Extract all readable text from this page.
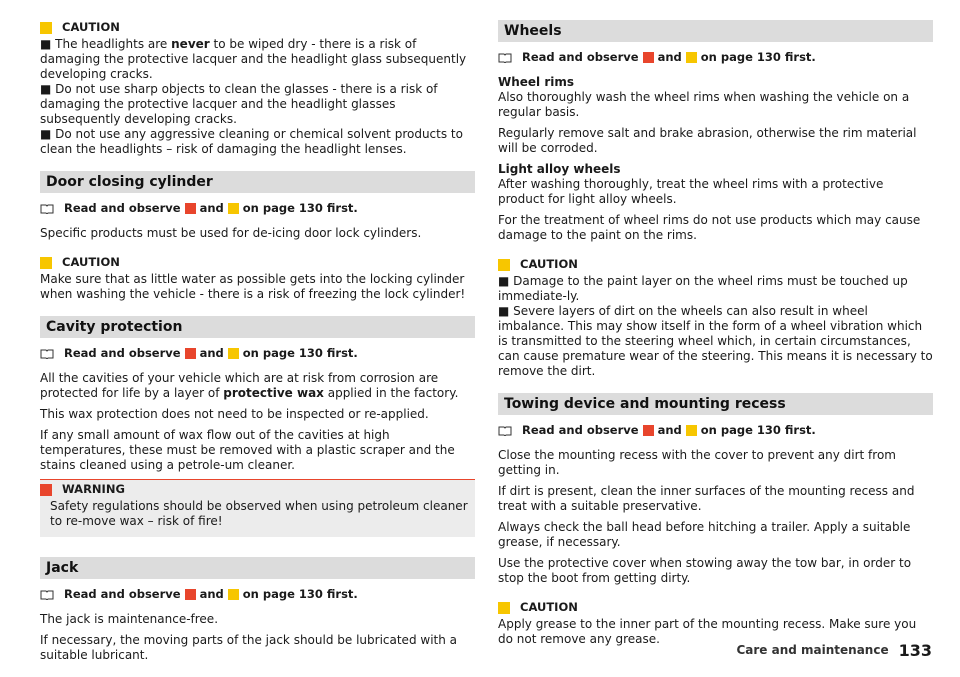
CAUTION

■ The headlights are never to be wiped dry - there is a risk of damaging the protective lacquer and the headlight glass subsequently developing cracks.
■ Do not use sharp objects to clean the glasses - there is a risk of damaging the protective lacquer and the headlight glasses subsequently developing cracks.
■ Do not use any aggressive cleaning or chemical solvent products to clean the headlights – risk of damaging the headlight lenses.

Door closing cylinder
Read and observe and on page 130 first.

Specific products must be used for de-icing door lock cylinders.

CAUTION

Make sure that as little water as possible gets into the locking cylinder when washing the vehicle - there is a risk of freezing the lock cylinder!

Cavity protection
Read and observe and on page 130 first.

All the cavities of your vehicle which are at risk from corrosion are protected for life by a layer of protective wax applied in the factory.

This wax protection does not need to be inspected or re-applied.

If any small amount of wax flow out of the cavities at high temperatures, these must be removed with a plastic scraper and the stains cleaned using a petrole-um cleaner.

WARNING
Safety regulations should be observed when using petroleum cleaner to re-move wax – risk of fire!
Jack
Read and observe and on page 130 first.

The jack is maintenance-free.

If necessary, the moving parts of the jack should be lubricated with a suitable lubricant.

Wheels
Read and observe and on page 130 first.

Wheel rims
Also thoroughly wash the wheel rims when washing the vehicle on a regular basis.

Regularly remove salt and brake abrasion, otherwise the rim material will be corroded.

Light alloy wheels
After washing thoroughly, treat the wheel rims with a protective product for light alloy wheels.

For the treatment of wheel rims do not use products which may cause damage to the paint on the rims.

CAUTION

■ Damage to the paint layer on the wheel rims must be touched up immediate-ly.
■ Severe layers of dirt on the wheels can also result in wheel imbalance. This may show itself in the form of a wheel vibration which is transmitted to the steering wheel which, in certain circumstances, can cause premature wear of the steering. This means it is necessary to remove the dirt.

Towing device and mounting recess
Read and observe and on page 130 first.

Close the mounting recess with the cover to prevent any dirt from getting in.

If dirt is present, clean the inner surfaces of the mounting recess and treat with a suitable preservative.

Always check the ball head before hitching a trailer. Apply a suitable grease, if necessary.

Use the protective cover when stowing away the tow bar, in order to stop the boot from getting dirty.

CAUTION

Apply grease to the inner part of the mounting recess. Make sure you do not remove any grease.

Care and maintenance 133
